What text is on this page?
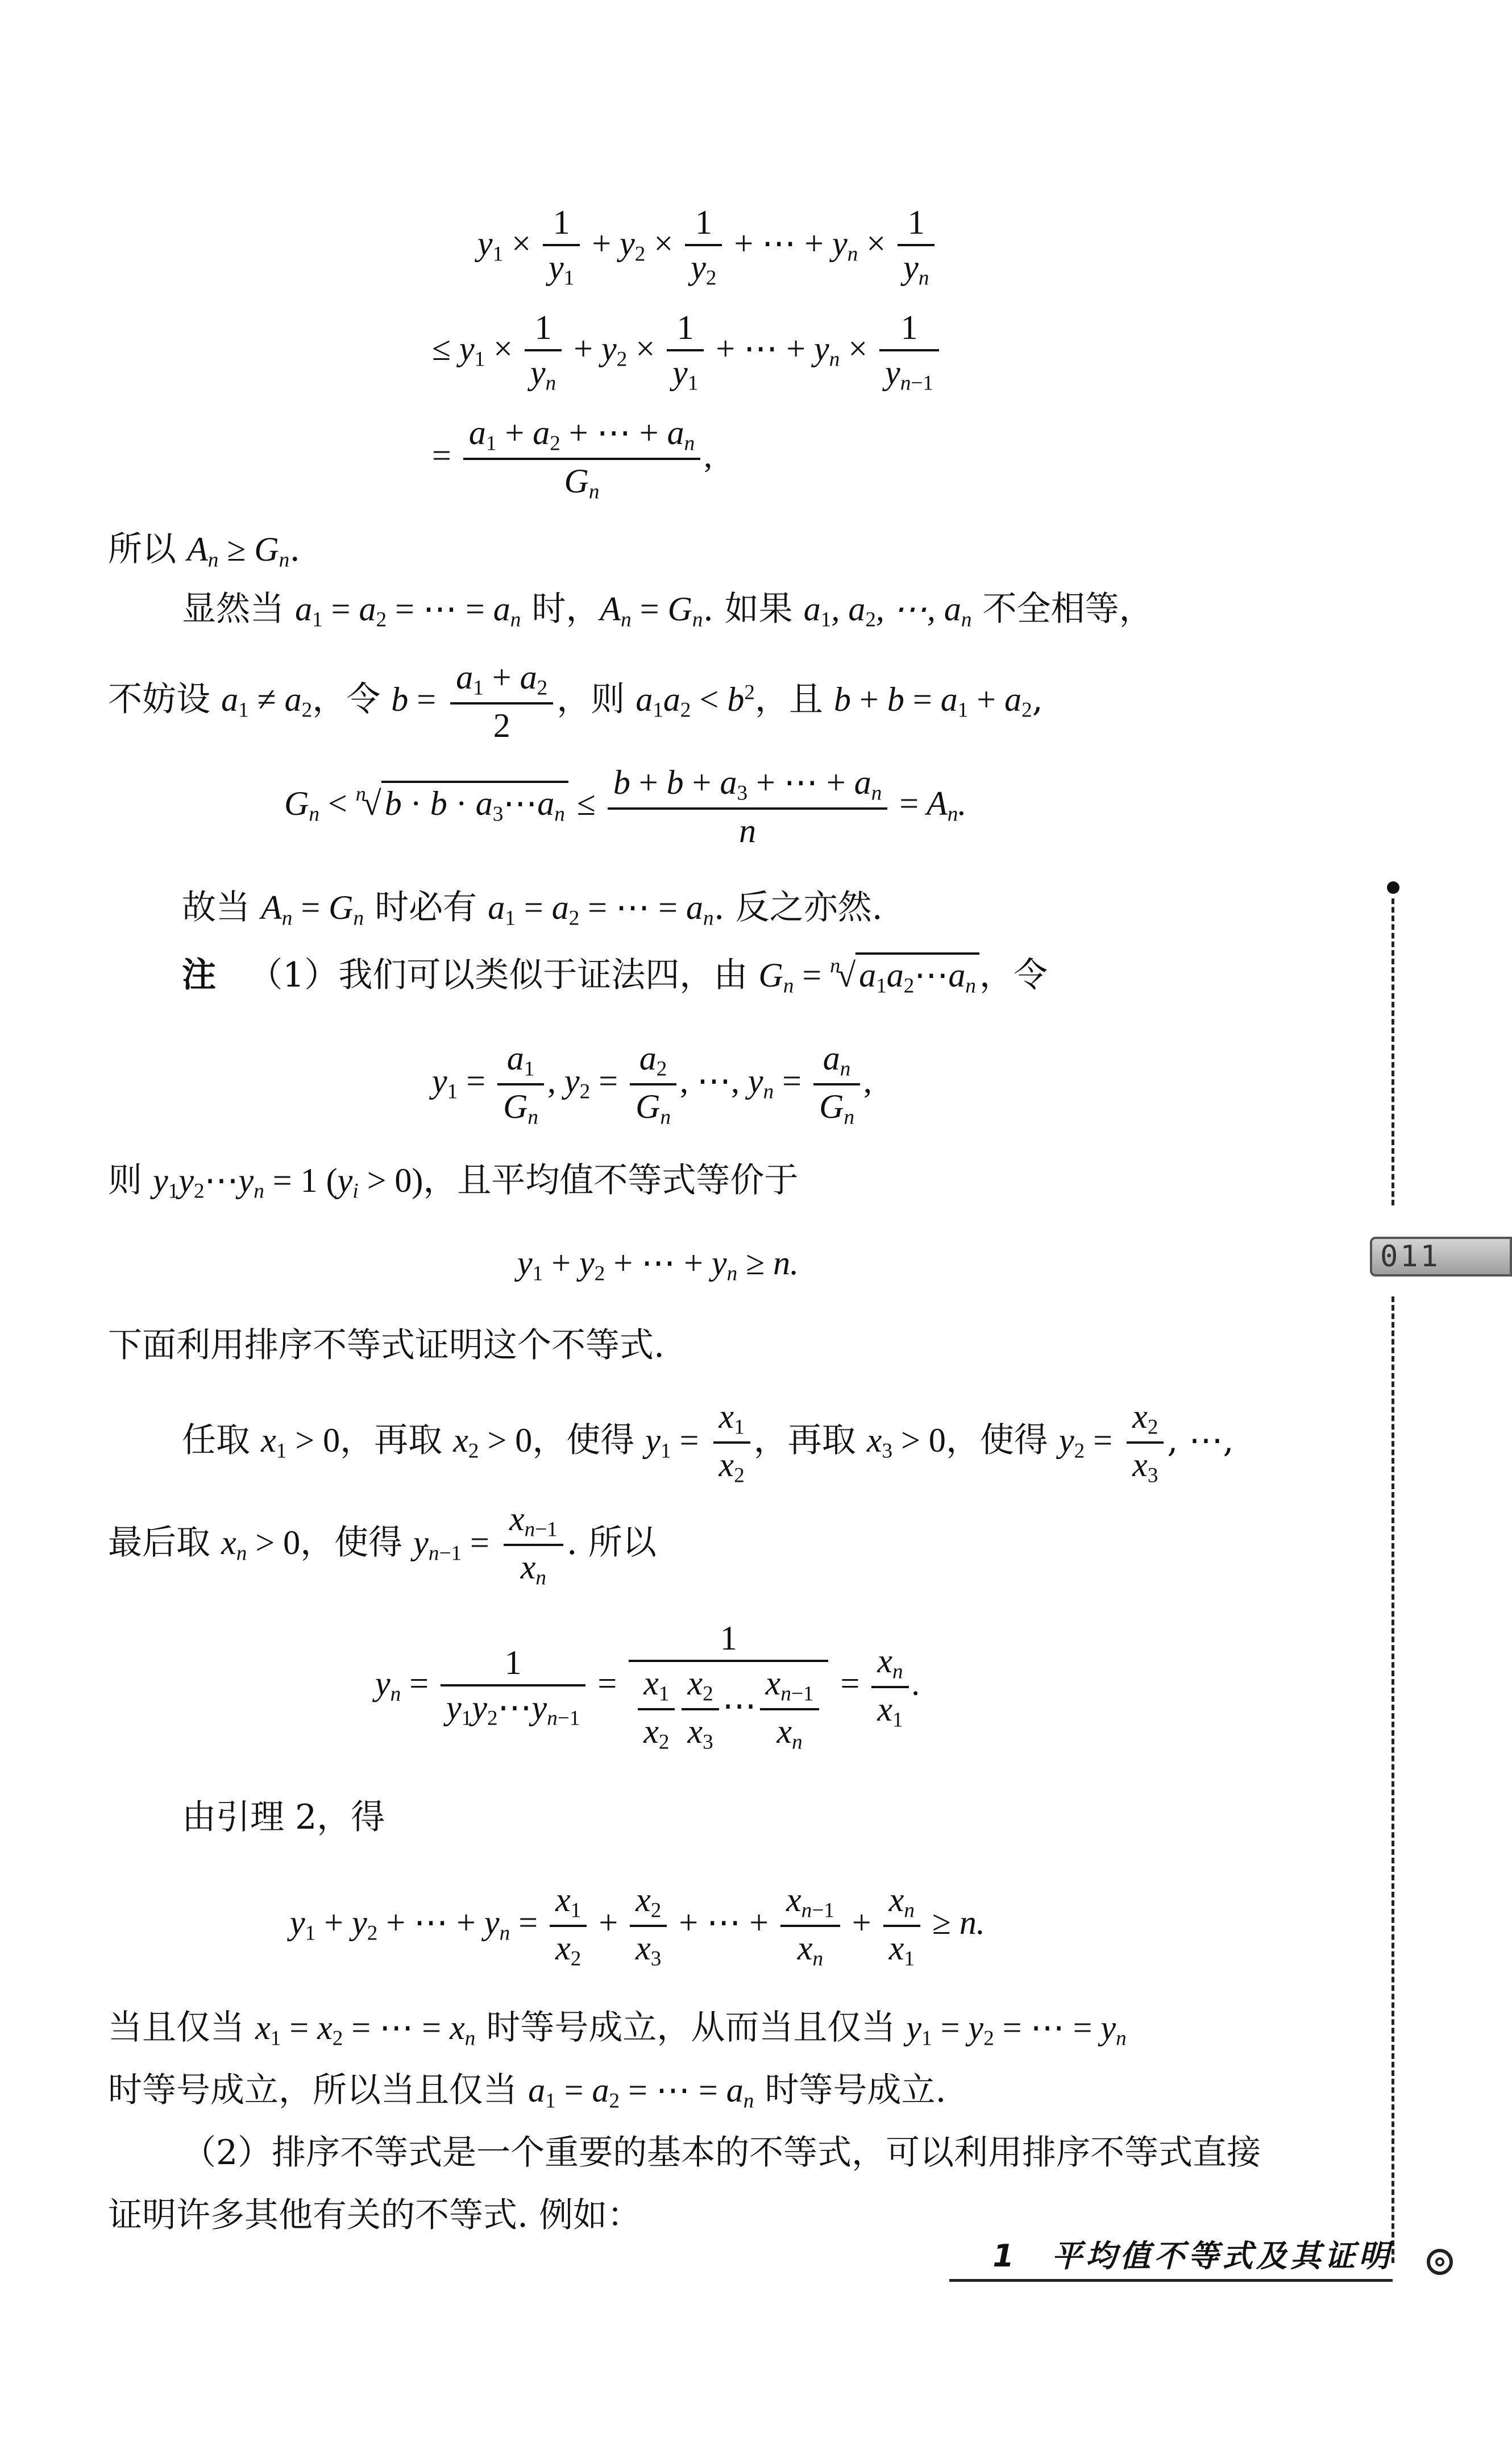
$y_1 \times \frac{1}{y_1} + y_2 \times \frac{1}{y_2}$ + ⋯ + $y_n \times \frac{1}{y_n}$
≤ $y_1 \times \frac{1}{y_n} + y_2 \times \frac{1}{y_1}$ + ⋯ + $y_n \times \frac{1}{y_{n-1}}$
= $\frac{a_1 + a_2 + \cdots + a_n}{G_n}$ ,
所以 $A_n \ge G_n$.
显然当 $a_1 = a_2$ = ⋯ = $a_n$ 时，$A_n = G_n$. 如果 $a_1$, $a_2$, ⋯, $a_n$ 不全相等，
不妨设 $a_1 \ne a_2$，令 $b = \frac{a_1 + a_2}{2}$ ，则 $a_1a_2 < b^2$，且 $b + b = a_1 + a_2$,
$G_n < ^n√$ $b \cdot b \cdot a_3\cdots a_n \le \frac{b + b + a_3 + \cdots + a_n}{n} = A_n$.
故当 $A_n = G_n$ 时必有 $a_1 = a_2$ = ⋯ = $a_n$. 反之亦然.
注 （1）我们可以类似于证法四，由 $G_n = ^n√$ $a_1a_2\cdots a_n$ ，令
$y_1 = \frac{a_1}{G_n}$ , $y_2 = \frac{a_2}{G_n}$ , ⋯, $y_n = \frac{a_n}{G_n}$ ,
则 $y_1y_2\cdots y_n = 1$ $(y_i > 0)$，且平均值不等式等价于
$y_1 + y_2$ + ⋯ + $y_n \ge n$.
下面利用排序不等式证明这个不等式.
任取 $x_1 > 0$，再取 $x_2 > 0$，使得 $y_1 = \frac{x_1}{x_2}$ ，再取 $x_3 > 0$，使得 $y_2 = \frac{x_2}{x_3}$ , ⋯,
最后取 $x_n > 0$，使得 $y_{n-1} = \frac{x_{n-1}}{x_n}$ . 所以
$y_n = \frac{1}{y_1y_2\cdots y_{n-1}} = \frac{1}{\frac{x_1}{x_2} \frac{x_2}{x_3} \cdots \frac{x_{n-1}}{x_n}} = \frac{x_n}{x_1}$ .
由引理 2，得
$y_1 + y_2$ + ⋯ + $y_n = \frac{x_1}{x_2} + \frac{x_2}{x_3}$ + ⋯ + $\frac{x_{n-1}}{x_n} + \frac{x_n}{x_1} \ge n$.
当且仅当 $x_1 = x_2$ = ⋯ = $x_n$ 时等号成立，从而当且仅当 $y_1 = y_2$ = ⋯ = $y_n$
时等号成立，所以当且仅当 $a_1 = a_2$ = ⋯ = $a_n$ 时等号成立.
（2）排序不等式是一个重要的基本的不等式，可以利用排序不等式直接
证明许多其他有关的不等式. 例如：
011
1　平均值不等式及其证明
